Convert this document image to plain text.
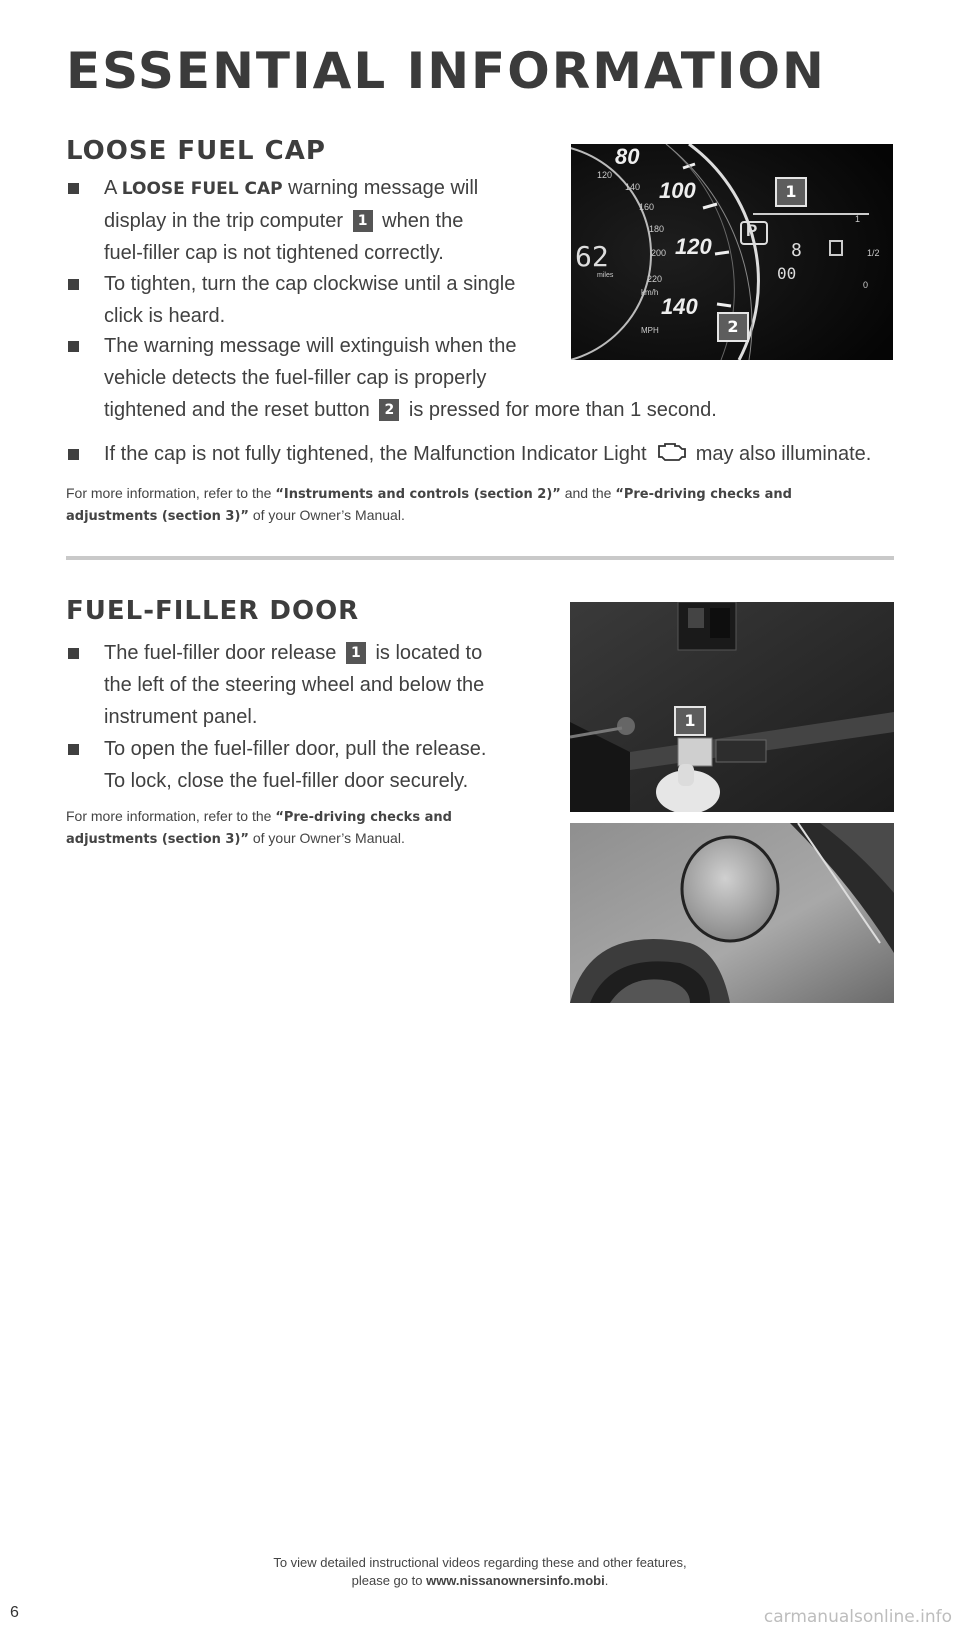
ESSENTIAL INFORMATION
LOOSE FUEL CAP
A LOOSE FUEL CAP warning message will
display in the trip computer 1 when the
fuel-filler cap is not tightened correctly.
To tighten, turn the cap clockwise until a single
click is heard.
The warning message will extinguish when the
vehicle detects the fuel-filler cap is properly
tightened and the reset button 2 is pressed for more than 1 second.
If the cap is not fully tightened, the Malfunction Indicator Light may also illuminate.
For more information, refer to the “Instruments and controls (section 2)” and the “Pre-driving checks and
adjustments (section 3)” of your Owner’s Manual.
80
100
120
140
120
140
160
180
200
220
km/h
MPH
62
miles
P
8
00
1
1/2
0
1
2
FUEL-FILLER DOOR
The fuel-filler door release 1 is located to
the left of the steering wheel and below the
instrument panel.
To open the fuel-filler door, pull the release.
To lock, close the fuel-filler door securely.
For more information, refer to the “Pre-driving checks and
adjustments (section 3)” of your Owner’s Manual.
1
To view detailed instructional videos regarding these and other features,
please go to www.nissanownersinfo.mobi.
6	carmanualsonline.info
